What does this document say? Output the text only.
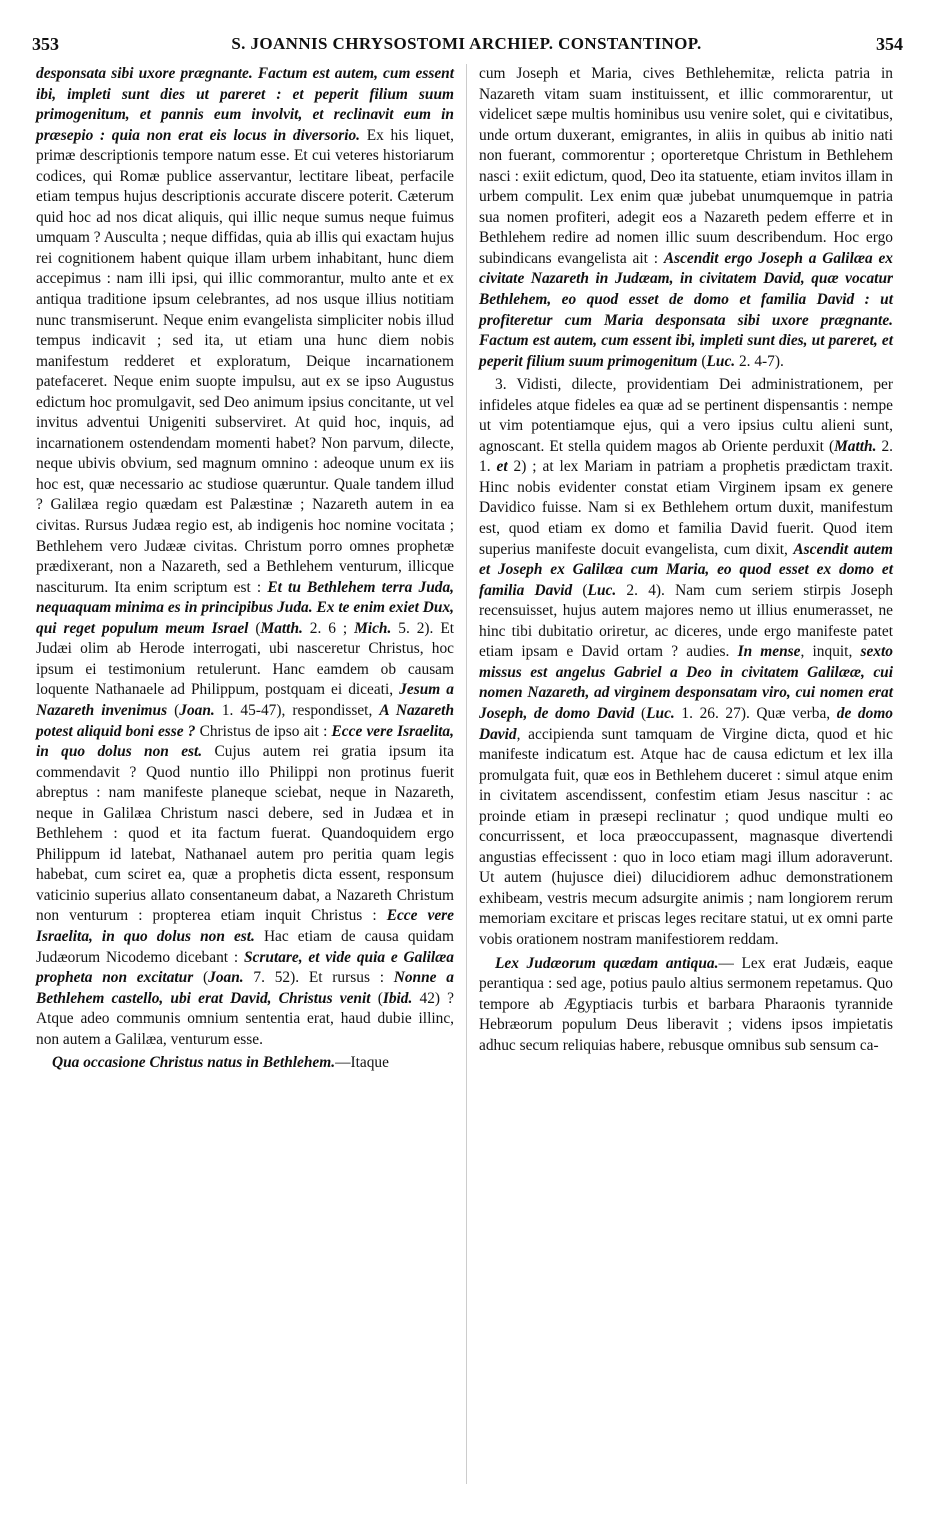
353	S. JOANNIS CHRYSOSTOMI ARCHIEP. CONSTANTINOP.	354

desponsata sibi uxore prægnante. Factum est autem, cum essent ibi, impleti sunt dies ut pareret : et peperit filium suum primogenitum, et pannis eum involvit, et reclinavit eum in præsepio : quia non erat eis locus in diversorio. Ex his liquet, primæ descriptionis tempore natum esse. Et cui veteres historiarum codices, qui Romæ publice asservantur, lectitare libeat, perfacile etiam tempus hujus descriptionis accurate discere poterit. Cæterum quid hoc ad nos dicat aliquis, qui illic neque sumus neque fuimus umquam ? Ausculta ; neque diffidas, quia ab illis qui exactam hujus rei cognitionem habent quique illam urbem inhabitant, hunc diem accepimus : nam illi ipsi, qui illic commorantur, multo ante et ex antiqua traditione ipsum celebrantes, ad nos usque illius notitiam nunc transmiserunt. Neque enim evangelista simpliciter nobis illud tempus indicavit ; sed ita, ut etiam una hunc diem nobis manifestum redderet et exploratum, Deique incarnationem patefaceret. Neque enim suopte impulsu, aut ex se ipso Augustus edictum hoc promulgavit, sed Deo animum ipsius concitante, ut vel invitus adventui Unigeniti subserviret. At quid hoc, inquis, ad incarnationem ostendendam momenti habet? Non parvum, dilecte, neque ubivis obvium, sed magnum omnino : adeoque unum ex iis hoc est, quæ necessario ac studiose quæruntur. Quale tandem illud ? Galilæa regio quædam est Palæstinæ ; Nazareth autem in ea civitas. Rursus Judæa regio est, ab indigenis hoc nomine vocitata ; Bethlehem vero Judææ civitas. Christum porro omnes prophetæ prædixerant, non a Nazareth, sed a Bethlehem venturum, illicque nasciturum. Ita enim scriptum est : Et tu Bethlehem terra Juda, nequaquam minima es in principibus Juda. Ex te enim exiet Dux, qui reget populum meum Israel (Matth. 2. 6 ; Mich. 5. 2). Et Judæi olim ab Herode interrogati, ubi nasceretur Christus, hoc ipsum ei testimonium retulerunt. Hanc eamdem ob causam loquente Nathanaele ad Philippum, postquam ei diceati, Jesum a Nazareth invenimus (Joan. 1. 45-47), respondisset, A Nazareth potest aliquid boni esse ? Christus de ipso ait : Ecce vere Israelita, in quo dolus non est. Cujus autem rei gratia ipsum ita commendavit ? Quod nuntio illo Philippi non protinus fuerit abreptus : nam manifeste planeque sciebat, neque in Nazareth, neque in Galilæa Christum nasci debere, sed in Judæa et in Bethlehem : quod et ita factum fuerat. Quandoquidem ergo Philippum id latebat, Nathanael autem pro peritia quam legis habebat, cum sciret ea, quæ a prophetis dicta essent, responsum vaticinio superius allato consentaneum dabat, a Nazareth Christum non venturum : propterea etiam inquit Christus : Ecce vere Israelita, in quo dolus non est. Hac etiam de causa quidam Judæorum Nicodemo dicebant : Scrutare, et vide quia e Galilæa propheta non excitatur (Joan. 7. 52). Et rursus : Nonne a Bethlehem castello, ubi erat David, Christus venit (Ibid. 42) ? Atque adeo communis omnium sententia erat, haud dubie illinc, non autem a Galilæa, venturum esse.

Qua occasione Christus natus in Bethlehem.—Itaque

cum Joseph et Maria, cives Bethlehemitæ, relicta patria in Nazareth vitam suam instituissent, et illic commorarentur, ut videlicet sæpe multis hominibus usu venire solet, qui e civitatibus, unde ortum duxerant, emigrantes, in aliis in quibus ab initio nati non fuerant, commorentur ; oporteretque Christum in Bethlehem nasci : exiit edictum, quod, Deo ita statuente, etiam invitos illam in urbem compulit. Lex enim quæ jubebat unumquemque in patria sua nomen profiteri, adegit eos a Nazareth pedem efferre et in Bethlehem redire ad nomen illic suum describendum. Hoc ergo subindicans evangelista ait : Ascendit ergo Joseph a Galilæa ex civitate Nazareth in Judæam, in civitatem David, quæ vocatur Bethlehem, eo quod esset de domo et familia David : ut profiteretur cum Maria desponsata sibi uxore prægnante. Factum est autem, cum essent ibi, impleti sunt dies, ut pareret, et peperit filium suum primogenitum (Luc. 2. 4-7).

3. Vidisti, dilecte, providentiam Dei administrationem, per infideles atque fideles ea quæ ad se pertinent dispensantis : nempe ut vim potentiamque ejus, qui a vero ipsius cultu alieni sunt, agnoscant. Et stella quidem magos ab Oriente perduxit (Matth. 2. 1. et 2) ; at lex Mariam in patriam a prophetis prædictam traxit. Hinc nobis evidenter constat etiam Virginem ipsam ex genere Davidico fuisse. Nam si ex Bethlehem ortum duxit, manifestum est, quod etiam ex domo et familia David fuerit. Quod item superius manifeste docuit evangelista, cum dixit, Ascendit autem et Joseph ex Galilæa cum Maria, eo quod esset ex domo et familia David (Luc. 2. 4). Nam cum seriem stirpis Joseph recensuisset, hujus autem majores nemo ut illius enumerasset, ne hinc tibi dubitatio oriretur, ac diceres, unde ergo manifeste patet etiam ipsam e David ortam ? audies. In mense, inquit, sexto missus est angelus Gabriel a Deo in civitatem Galilææ, cui nomen Nazareth, ad virginem desponsatam viro, cui nomen erat Joseph, de domo David (Luc. 1. 26. 27). Quæ verba, de domo David, accipienda sunt tamquam de Virgine dicta, quod et hic manifeste indicatum est. Atque hac de causa edictum et lex illa promulgata fuit, quæ eos in Bethlehem duceret : simul atque enim in civitatem ascendissent, confestim etiam Jesus nascitur : ac proinde etiam in præsepi reclinatur ; quod undique multi eo concurrissent, et loca præoccupassent, magnasque divertendi angustias effecissent : quo in loco etiam magi illum adoraverunt. Ut autem (hujusce diei) dilucidiorem adhuc demonstrationem exhibeam, vestris mecum adsurgite animis ; nam longiorem rerum memoriam excitare et priscas leges recitare statui, ut ex omni parte vobis orationem nostram manifestiorem reddam.

Lex Judæorum quædam antiqua.— Lex erat Judæis, eaque perantiqua : sed age, potius paulo altius sermonem repetamus. Quo tempore ab Ægyptiacis turbis et barbara Pharaonis tyrannide Hebræorum populum Deus liberavit ; videns ipsos impietatis adhuc secum reliquias habere, rebusque omnibus sub sensum ca-
